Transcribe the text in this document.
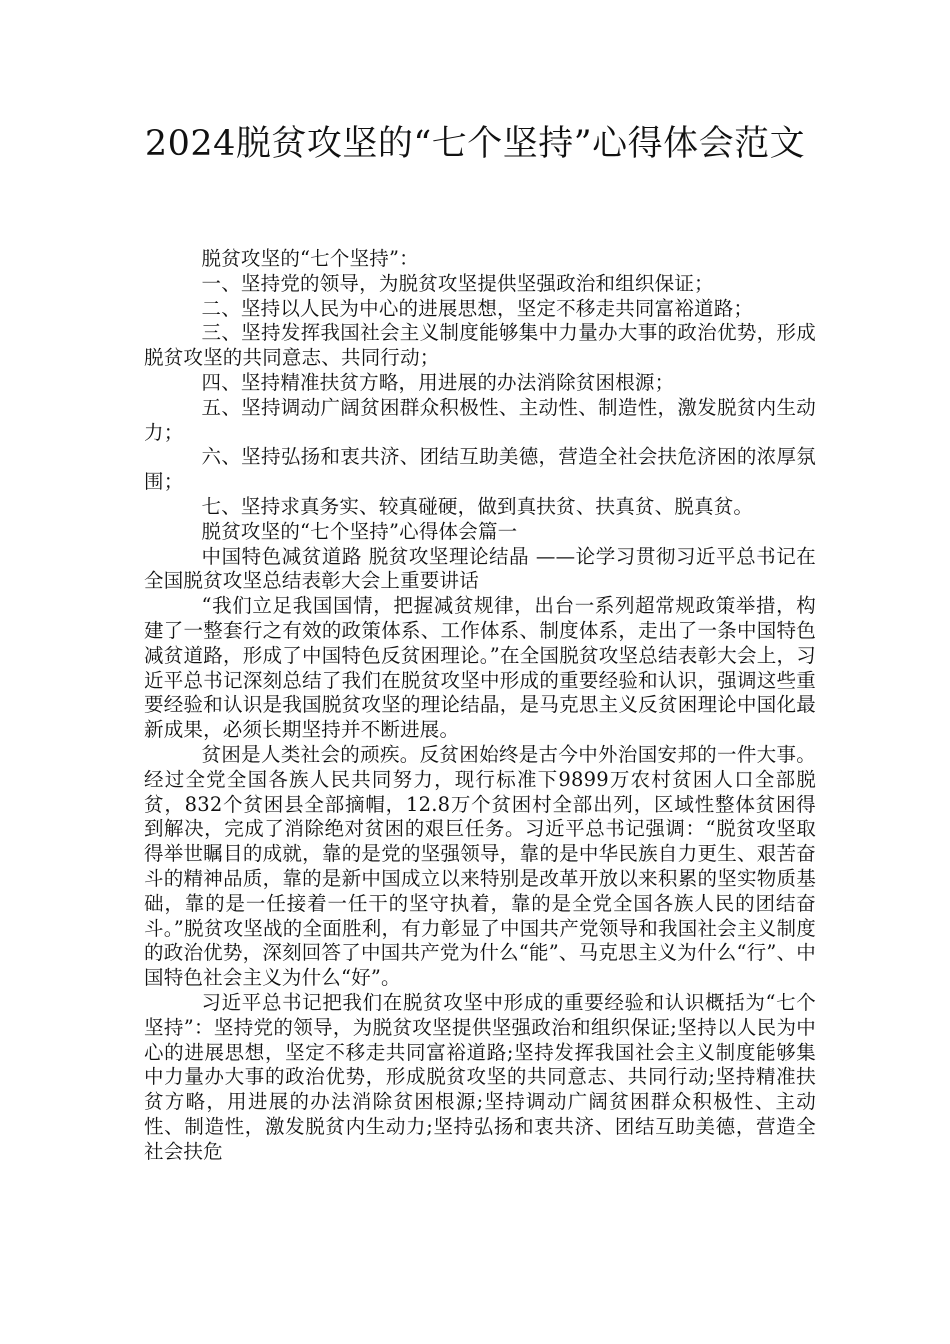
2024脱贫攻坚的“七个坚持”心得体会范文

脱贫攻坚的“七个坚持”：

一、坚持党的领导，为脱贫攻坚提供坚强政治和组织保证；

二、坚持以人民为中心的进展思想，坚定不移走共同富裕道路；

三、坚持发挥我国社会主义制度能够集中力量办大事的政治优势，形成脱贫攻坚的共同意志、共同行动；

四、坚持精准扶贫方略，用进展的办法消除贫困根源；

五、坚持调动广阔贫困群众积极性、主动性、制造性，激发脱贫内生动力；

六、坚持弘扬和衷共济、团结互助美德，营造全社会扶危济困的浓厚氛围；

七、坚持求真务实、较真碰硬，做到真扶贫、扶真贫、脱真贫。

脱贫攻坚的“七个坚持”心得体会篇一

中国特色减贫道路 脱贫攻坚理论结晶 ——论学习贯彻习近平总书记在全国脱贫攻坚总结表彰大会上重要讲话

“我们立足我国国情，把握减贫规律，出台一系列超常规政策举措，构建了一整套行之有效的政策体系、工作体系、制度体系，走出了一条中国特色减贫道路，形成了中国特色反贫困理论。”在全国脱贫攻坚总结表彰大会上，习近平总书记深刻总结了我们在脱贫攻坚中形成的重要经验和认识，强调这些重要经验和认识是我国脱贫攻坚的理论结晶，是马克思主义反贫困理论中国化最新成果，必须长期坚持并不断进展。

贫困是人类社会的顽疾。反贫困始终是古今中外治国安邦的一件大事。经过全党全国各族人民共同努力，现行标准下9899万农村贫困人口全部脱贫，832个贫困县全部摘帽，12.8万个贫困村全部出列，区域性整体贫困得到解决，完成了消除绝对贫困的艰巨任务。习近平总书记强调：“脱贫攻坚取得举世瞩目的成就，靠的是党的坚强领导，靠的是中华民族自力更生、艰苦奋斗的精神品质，靠的是新中国成立以来特别是改革开放以来积累的坚实物质基础，靠的是一任接着一任干的坚守执着，靠的是全党全国各族人民的团结奋斗。”脱贫攻坚战的全面胜利，有力彰显了中国共产党领导和我国社会主义制度的政治优势，深刻回答了中国共产党为什么“能”、马克思主义为什么“行”、中国特色社会主义为什么“好”。

习近平总书记把我们在脱贫攻坚中形成的重要经验和认识概括为“七个坚持”：坚持党的领导，为脱贫攻坚提供坚强政治和组织保证;坚持以人民为中心的进展思想，坚定不移走共同富裕道路;坚持发挥我国社会主义制度能够集中力量办大事的政治优势，形成脱贫攻坚的共同意志、共同行动;坚持精准扶贫方略，用进展的办法消除贫困根源;坚持调动广阔贫困群众积极性、主动性、制造性，激发脱贫内生动力;坚持弘扬和衷共济、团结互助美德，营造全社会扶危
